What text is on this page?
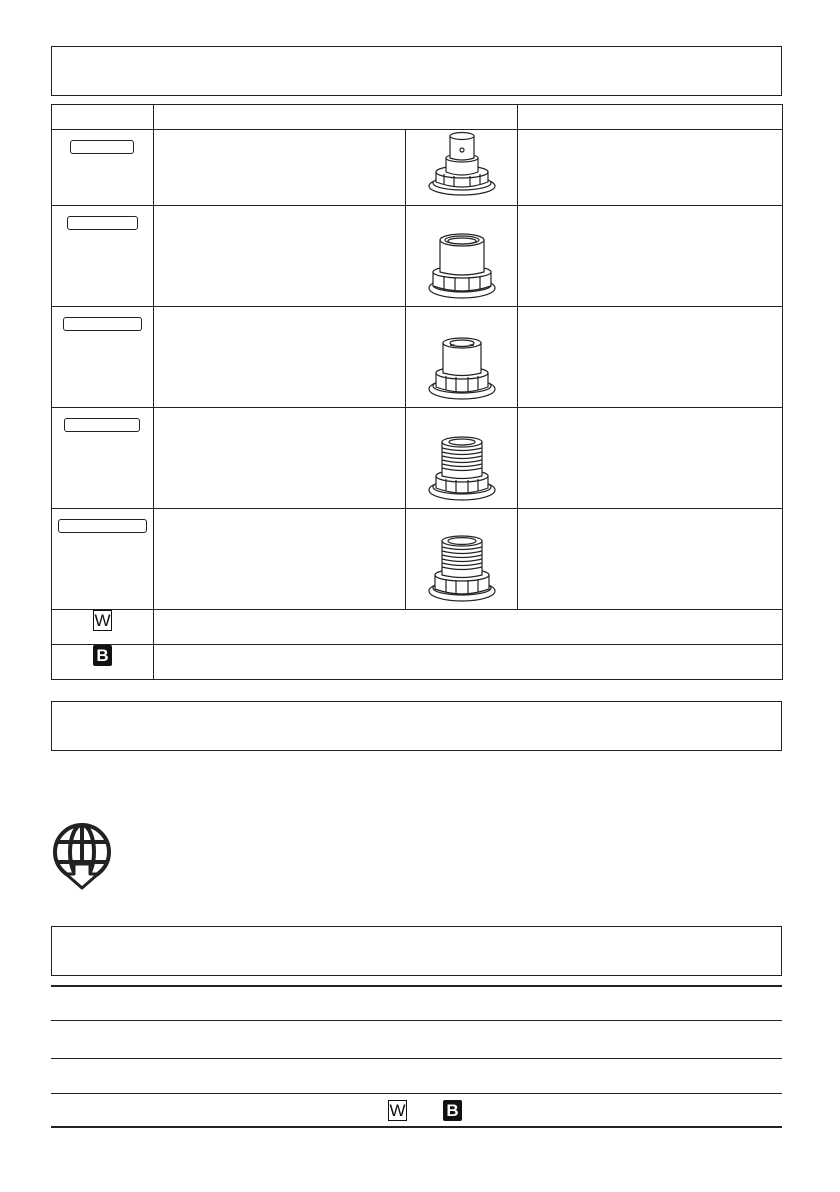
W			
B			
W B
